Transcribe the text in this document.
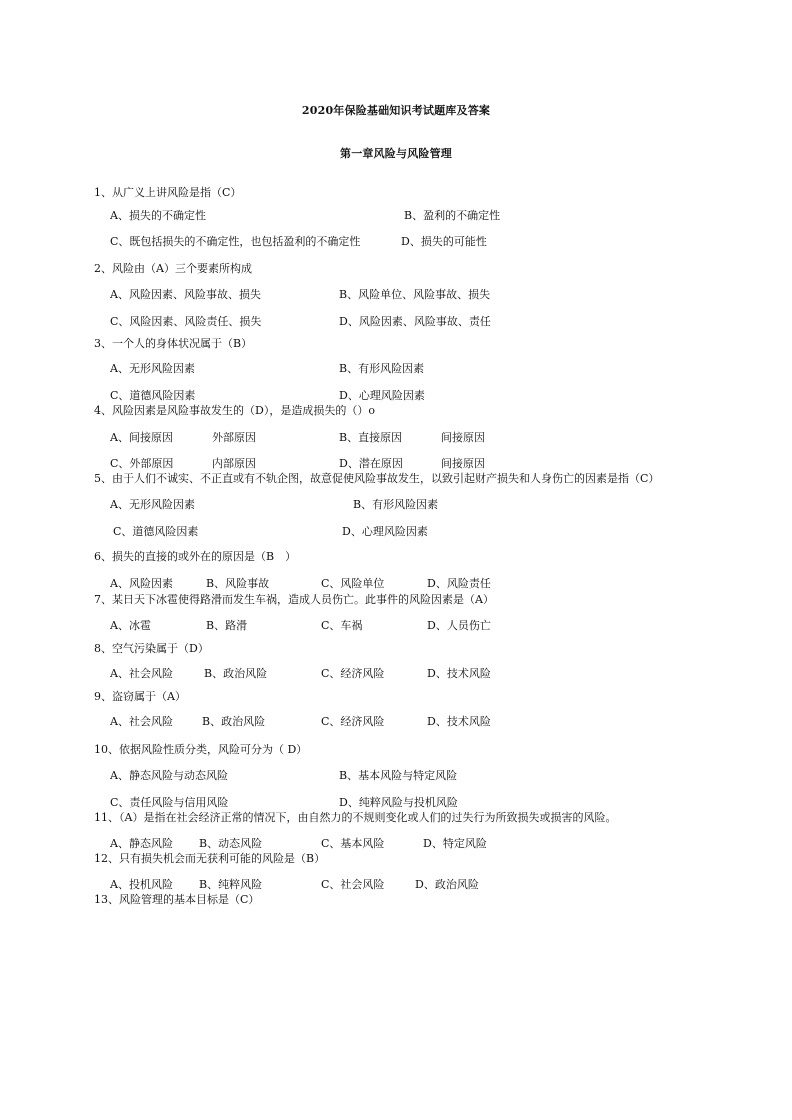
2020年保险基础知识考试题库及答案
第一章风险与风险管理
1、从广义上讲风险是指（C）
A、损失的不确定性	B、盈利的不确定性
C、既包括损失的不确定性，也包括盈利的不确定性	D、损失的可能性
2、风险由（A）三个要素所构成
A、风险因素、风险事故、损失	B、风险单位、风险事故、损失
C、风险因素、风险责任、损失	D、风险因素、风险事故、责任
3、一个人的身体状况属于（B）
A、无形风险因素	B、有形风险因素
C、道德风险因素	D、心理风险因素
4、风险因素是风险事故发生的（D），是造成损失的（）o
A、间接原因	外部原因	B、直接原因	间接原因
C、外部原因	内部原因	D、潜在原因	间接原因
5、由于人们不诚实、不正直或有不轨企图，故意促使风险事故发生，以致引起财产损失和人身伤亡的因素是指（C）
A、无形风险因素	B、有形风险因素
C、道德风险因素	D、心理风险因素
6、损失的直接的或外在的原因是（B　）
A、风险因素	B、风险事故	C、风险单位	D、风险责任
7、某日天下冰雹使得路滑而发生车祸，造成人员伤亡。此事件的风险因素是（A）
A、冰雹	B、路滑	C、车祸	D、人员伤亡
8、空气污染属于（D）
A、社会风险	B、政治风险	C、经济风险	D、技术风险
9、盗窃属于（A）
A、社会风险	B、政治风险	C、经济风险	D、技术风险
10、依据风险性质分类，风险可分为（ D）
A、静态风险与动态风险	B、基本风险与特定风险
C、责任风险与信用风险	D、纯粹风险与投机风险
11、（A）是指在社会经济正常的情况下，由自然力的不规则变化或人们的过失行为所致损失或损害的风险。
A、静态风险 B、动态风险	C、基本风险	D、特定风险
12、只有损失机会而无获利可能的风险是（B）
A、投机风险 B、纯粹风险	C、社会风险	D、政治风险
13、风险管理的基本目标是（C）
